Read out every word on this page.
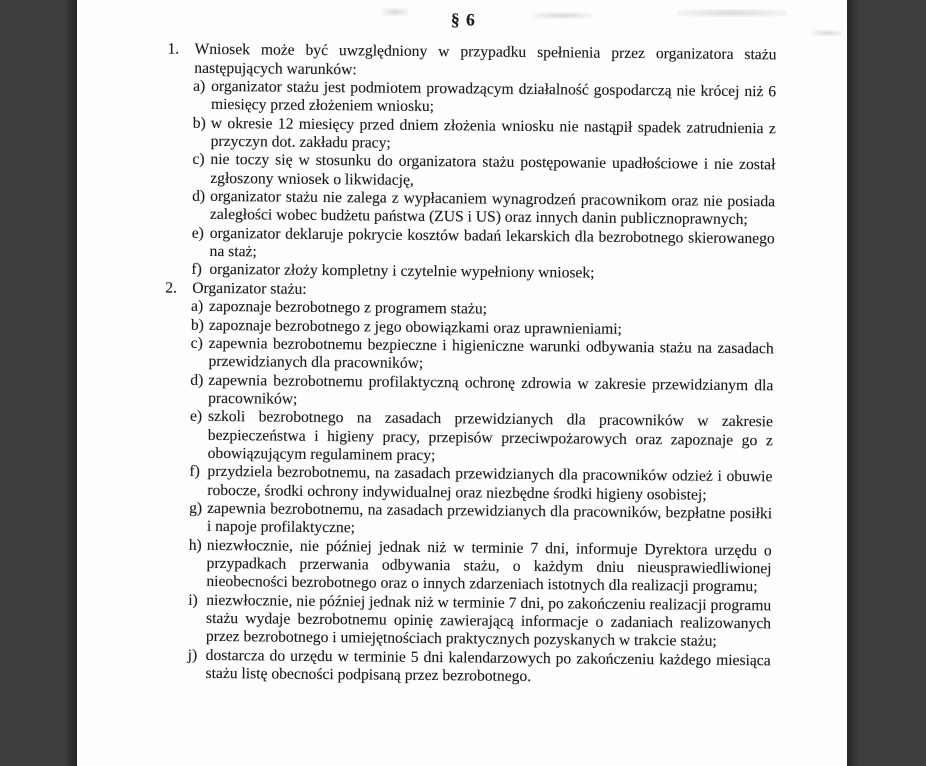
§ 6
1. Wniosek może być uwzględniony w przypadku spełnienia przez organizatora stażu następujących warunków:
a) organizator stażu jest podmiotem prowadzącym działalność gospodarczą nie krócej niż 6 miesięcy przed złożeniem wniosku;
b) w okresie 12 miesięcy przed dniem złożenia wniosku nie nastąpił spadek zatrudnienia z przyczyn dot. zakładu pracy;
c) nie toczy się w stosunku do organizatora stażu postępowanie upadłościowe i nie został zgłoszony wniosek o likwidację,
d) organizator stażu nie zalega z wypłacaniem wynagrodzeń pracownikom oraz nie posiada zaległości wobec budżetu państwa (ZUS i US) oraz innych danin publicznoprawnych;
e) organizator deklaruje pokrycie kosztów badań lekarskich dla bezrobotnego skierowanego na staż;
f) organizator złoży kompletny i czytelnie wypełniony wniosek;
2. Organizator stażu:
a) zapoznaje bezrobotnego z programem stażu;
b) zapoznaje bezrobotnego z jego obowiązkami oraz uprawnieniami;
c) zapewnia bezrobotnemu bezpieczne i higieniczne warunki odbywania stażu na zasadach przewidzianych dla pracowników;
d) zapewnia bezrobotnemu profilaktyczną ochronę zdrowia w zakresie przewidzianym dla pracowników;
e) szkoli bezrobotnego na zasadach przewidzianych dla pracowników w zakresie bezpieczeństwa i higieny pracy, przepisów przeciwpożarowych oraz zapoznaje go z obowiązującym regulaminem pracy;
f) przydziela bezrobotnemu, na zasadach przewidzianych dla pracowników odzież i obuwie robocze, środki ochrony indywidualnej oraz niezbędne środki higieny osobistej;
g) zapewnia bezrobotnemu, na zasadach przewidzianych dla pracowników, bezpłatne posiłki i napoje profilaktyczne;
h) niezwłocznie, nie później jednak niż w terminie 7 dni, informuje Dyrektora urzędu o przypadkach przerwania odbywania stażu, o każdym dniu nieusprawiedliwionej nieobecności bezrobotnego oraz o innych zdarzeniach istotnych dla realizacji programu;
i) niezwłocznie, nie później jednak niż w terminie 7 dni, po zakończeniu realizacji programu stażu wydaje bezrobotnemu opinię zawierającą informacje o zadaniach realizowanych przez bezrobotnego i umiejętnościach praktycznych pozyskanych w trakcie stażu;
j) dostarcza do urzędu w terminie 5 dni kalendarzowych po zakończeniu każdego miesiąca stażu listę obecności podpisaną przez bezrobotnego.
